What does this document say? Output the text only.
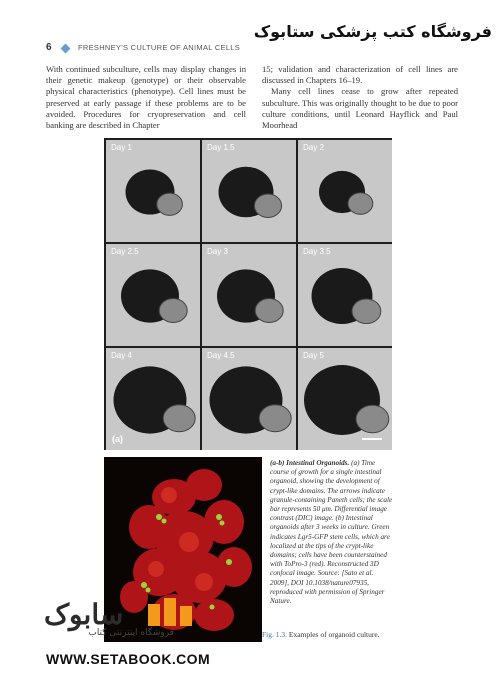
6	FRESHNEY'S CULTURE OF ANIMAL CELLS
فروشگاه کتب پزشکی ستابوک

With continued subculture, cells may display changes in their genetic makeup (genotype) or their observable physical characteristics (phenotype). Cell lines must be preserved at early passage if these problems are to be avoided. Procedures for cryopreservation and cell banking are described in Chapter

15; validation and characterization of cell lines are discussed in Chapters 16–19.

Many cell lines cease to grow after repeated subculture. This was originally thought to be due to poor culture conditions, until Leonard Hayflick and Paul Moorhead

Day 5
Day 4.5
Day 4
Day 3.5
Day 3
Day 2.5
Day 2
Day 1.5
Day 1
(a)
(a-b) Intestinal Organoids. (a) Time course of growth for a single intestinal organoid, showing the development of crypt-like domains. The arrows indicate granule-containing Paneth cells; the scale bar represents 50 μm. Differential image contrast (DIC) image. (b) Intestinal organoids after 3 weeks in culture. Green indicates Lgr5-GFP stem cells, which are localized at the tips of the crypt-like domains; cells have been counterstained with ToPro-3 (red). Reconstructed 3D confocal image. Source: [Sato et al. 2009], DOI 10.1038/nature07935, reproduced with permission of Springer Nature.
Fig. 1.3. Examples of organoid culture.
سابوک
فروشگاه اینترنتی کتاب
WWW.SETABOOK.COM
